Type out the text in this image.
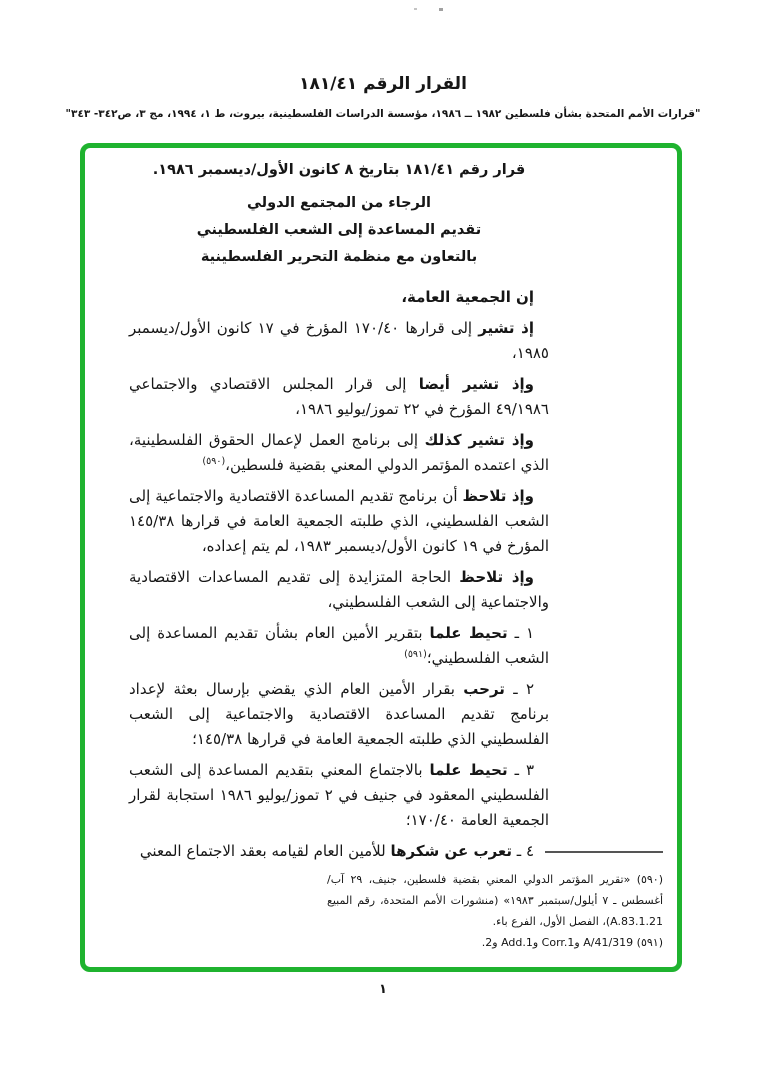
القرار الرقم ١٨١/٤١
"قرارات الأمم المتحدة بشأن فلسطين ١٩٨٢ ــ ١٩٨٦، مؤسسة الدراسات الفلسطينية، بيروت، ط ١، ١٩٩٤، مج ٣، ص٣٤٢- ٣٤٣"

قرار رقم ١٨١/٤١ بتاريخ ٨ كانون الأول/ديسمبر ١٩٨٦.

الرجاء من المجتمع الدولي
تقديم المساعدة إلى الشعب الفلسطيني
بالتعاون مع منظمة التحرير الفلسطينية

إن الجمعية العامة،

إذ تشير إلى قرارها ١٧٠/٤٠ المؤرخ في ١٧ كانون الأول/ديسمبر ١٩٨٥،

وإذ تشير أيضا إلى قرار المجلس الاقتصادي والاجتماعي ٤٩/١٩٨٦ المؤرخ في ٢٢ تموز/يوليو ١٩٨٦،

وإذ تشير كذلك إلى برنامج العمل لإعمال الحقوق الفلسطينية، الذي اعتمده المؤتمر الدولي المعني بقضية فلسطين،$^{(٥٩٠)}$

وإذ تلاحظ أن برنامج تقديم المساعدة الاقتصادية والاجتماعية إلى الشعب الفلسطيني، الذي طلبته الجمعية العامة في قرارها ١٤٥/٣٨ المؤرخ في ١٩ كانون الأول/ديسمبر ١٩٨٣، لم يتم إعداده،

وإذ تلاحظ الحاجة المتزايدة إلى تقديم المساعدات الاقتصادية والاجتماعية إلى الشعب الفلسطيني،

١ ـ تحيط علما بتقرير الأمين العام بشأن تقديم المساعدة إلى الشعب الفلسطيني؛$^{(٥٩١)}$

٢ ـ ترحب بقرار الأمين العام الذي يقضي بإرسال بعثة لإعداد برنامج تقديم المساعدة الاقتصادية والاجتماعية إلى الشعب الفلسطيني الذي طلبته الجمعية العامة في قرارها ١٤٥/٣٨؛

٣ ـ تحيط علما بالاجتماع المعني بتقديم المساعدة إلى الشعب الفلسطيني المعقود في جنيف في ٢ تموز/يوليو ١٩٨٦ استجابة لقرار الجمعية العامة ١٧٠/٤٠؛

٤ ـ تعرب عن شكرها للأمين العام لقيامه بعقد الاجتماع المعني

(٥٩٠) «تقرير المؤتمر الدولي المعني بقضية فلسطين، جنيف، ٢٩ آب/أغسطس ـ ٧ أيلول/سبتمبر ١٩٨٣» (منشورات الأمم المتحدة، رقم المبيع A.83.1.21)، الفصل الأول، الفرع باء.

(٥٩١) A/41/319 وCorr.1 وAdd.1 و2.

١
